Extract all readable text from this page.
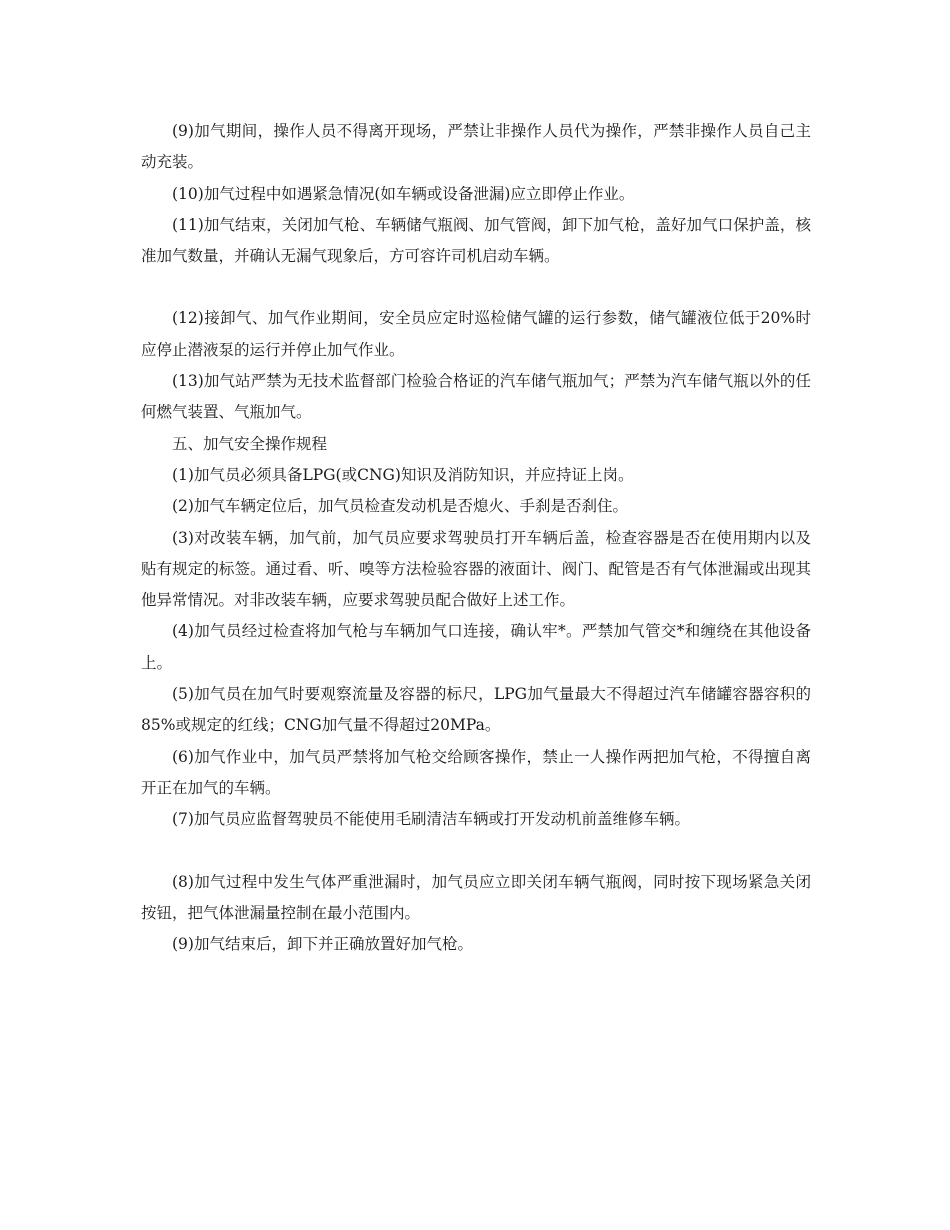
(9)加气期间，操作人员不得离开现场，严禁让非操作人员代为操作，严禁非操作人员自己主动充装。

(10)加气过程中如遇紧急情况(如车辆或设备泄漏)应立即停止作业。

(11)加气结束，关闭加气枪、车辆储气瓶阀、加气管阀，卸下加气枪，盖好加气口保护盖，核准加气数量，并确认无漏气现象后，方可容许司机启动车辆。

(12)接卸气、加气作业期间，安全员应定时巡检储气罐的运行参数，储气罐液位低于20%时应停止潜液泵的运行并停止加气作业。

(13)加气站严禁为无技术监督部门检验合格证的汽车储气瓶加气；严禁为汽车储气瓶以外的任何燃气装置、气瓶加气。

五、加气安全操作规程

(1)加气员必须具备LPG(或CNG)知识及消防知识，并应持证上岗。

(2)加气车辆定位后，加气员检查发动机是否熄火、手刹是否刹住。

(3)对改装车辆，加气前，加气员应要求驾驶员打开车辆后盖，检查容器是否在使用期内以及贴有规定的标签。通过看、听、嗅等方法检验容器的液面计、阀门、配管是否有气体泄漏或出现其他异常情况。对非改装车辆，应要求驾驶员配合做好上述工作。

(4)加气员经过检查将加气枪与车辆加气口连接，确认牢*。严禁加气管交*和缠绕在其他设备上。

(5)加气员在加气时要观察流量及容器的标尺，LPG加气量最大不得超过汽车储罐容器容积的85%或规定的红线；CNG加气量不得超过20MPa。

(6)加气作业中，加气员严禁将加气枪交给顾客操作，禁止一人操作两把加气枪，不得擅自离开正在加气的车辆。

(7)加气员应监督驾驶员不能使用毛刷清洁车辆或打开发动机前盖维修车辆。

(8)加气过程中发生气体严重泄漏时，加气员应立即关闭车辆气瓶阀，同时按下现场紧急关闭按钮，把气体泄漏量控制在最小范围内。

(9)加气结束后，卸下并正确放置好加气枪。
